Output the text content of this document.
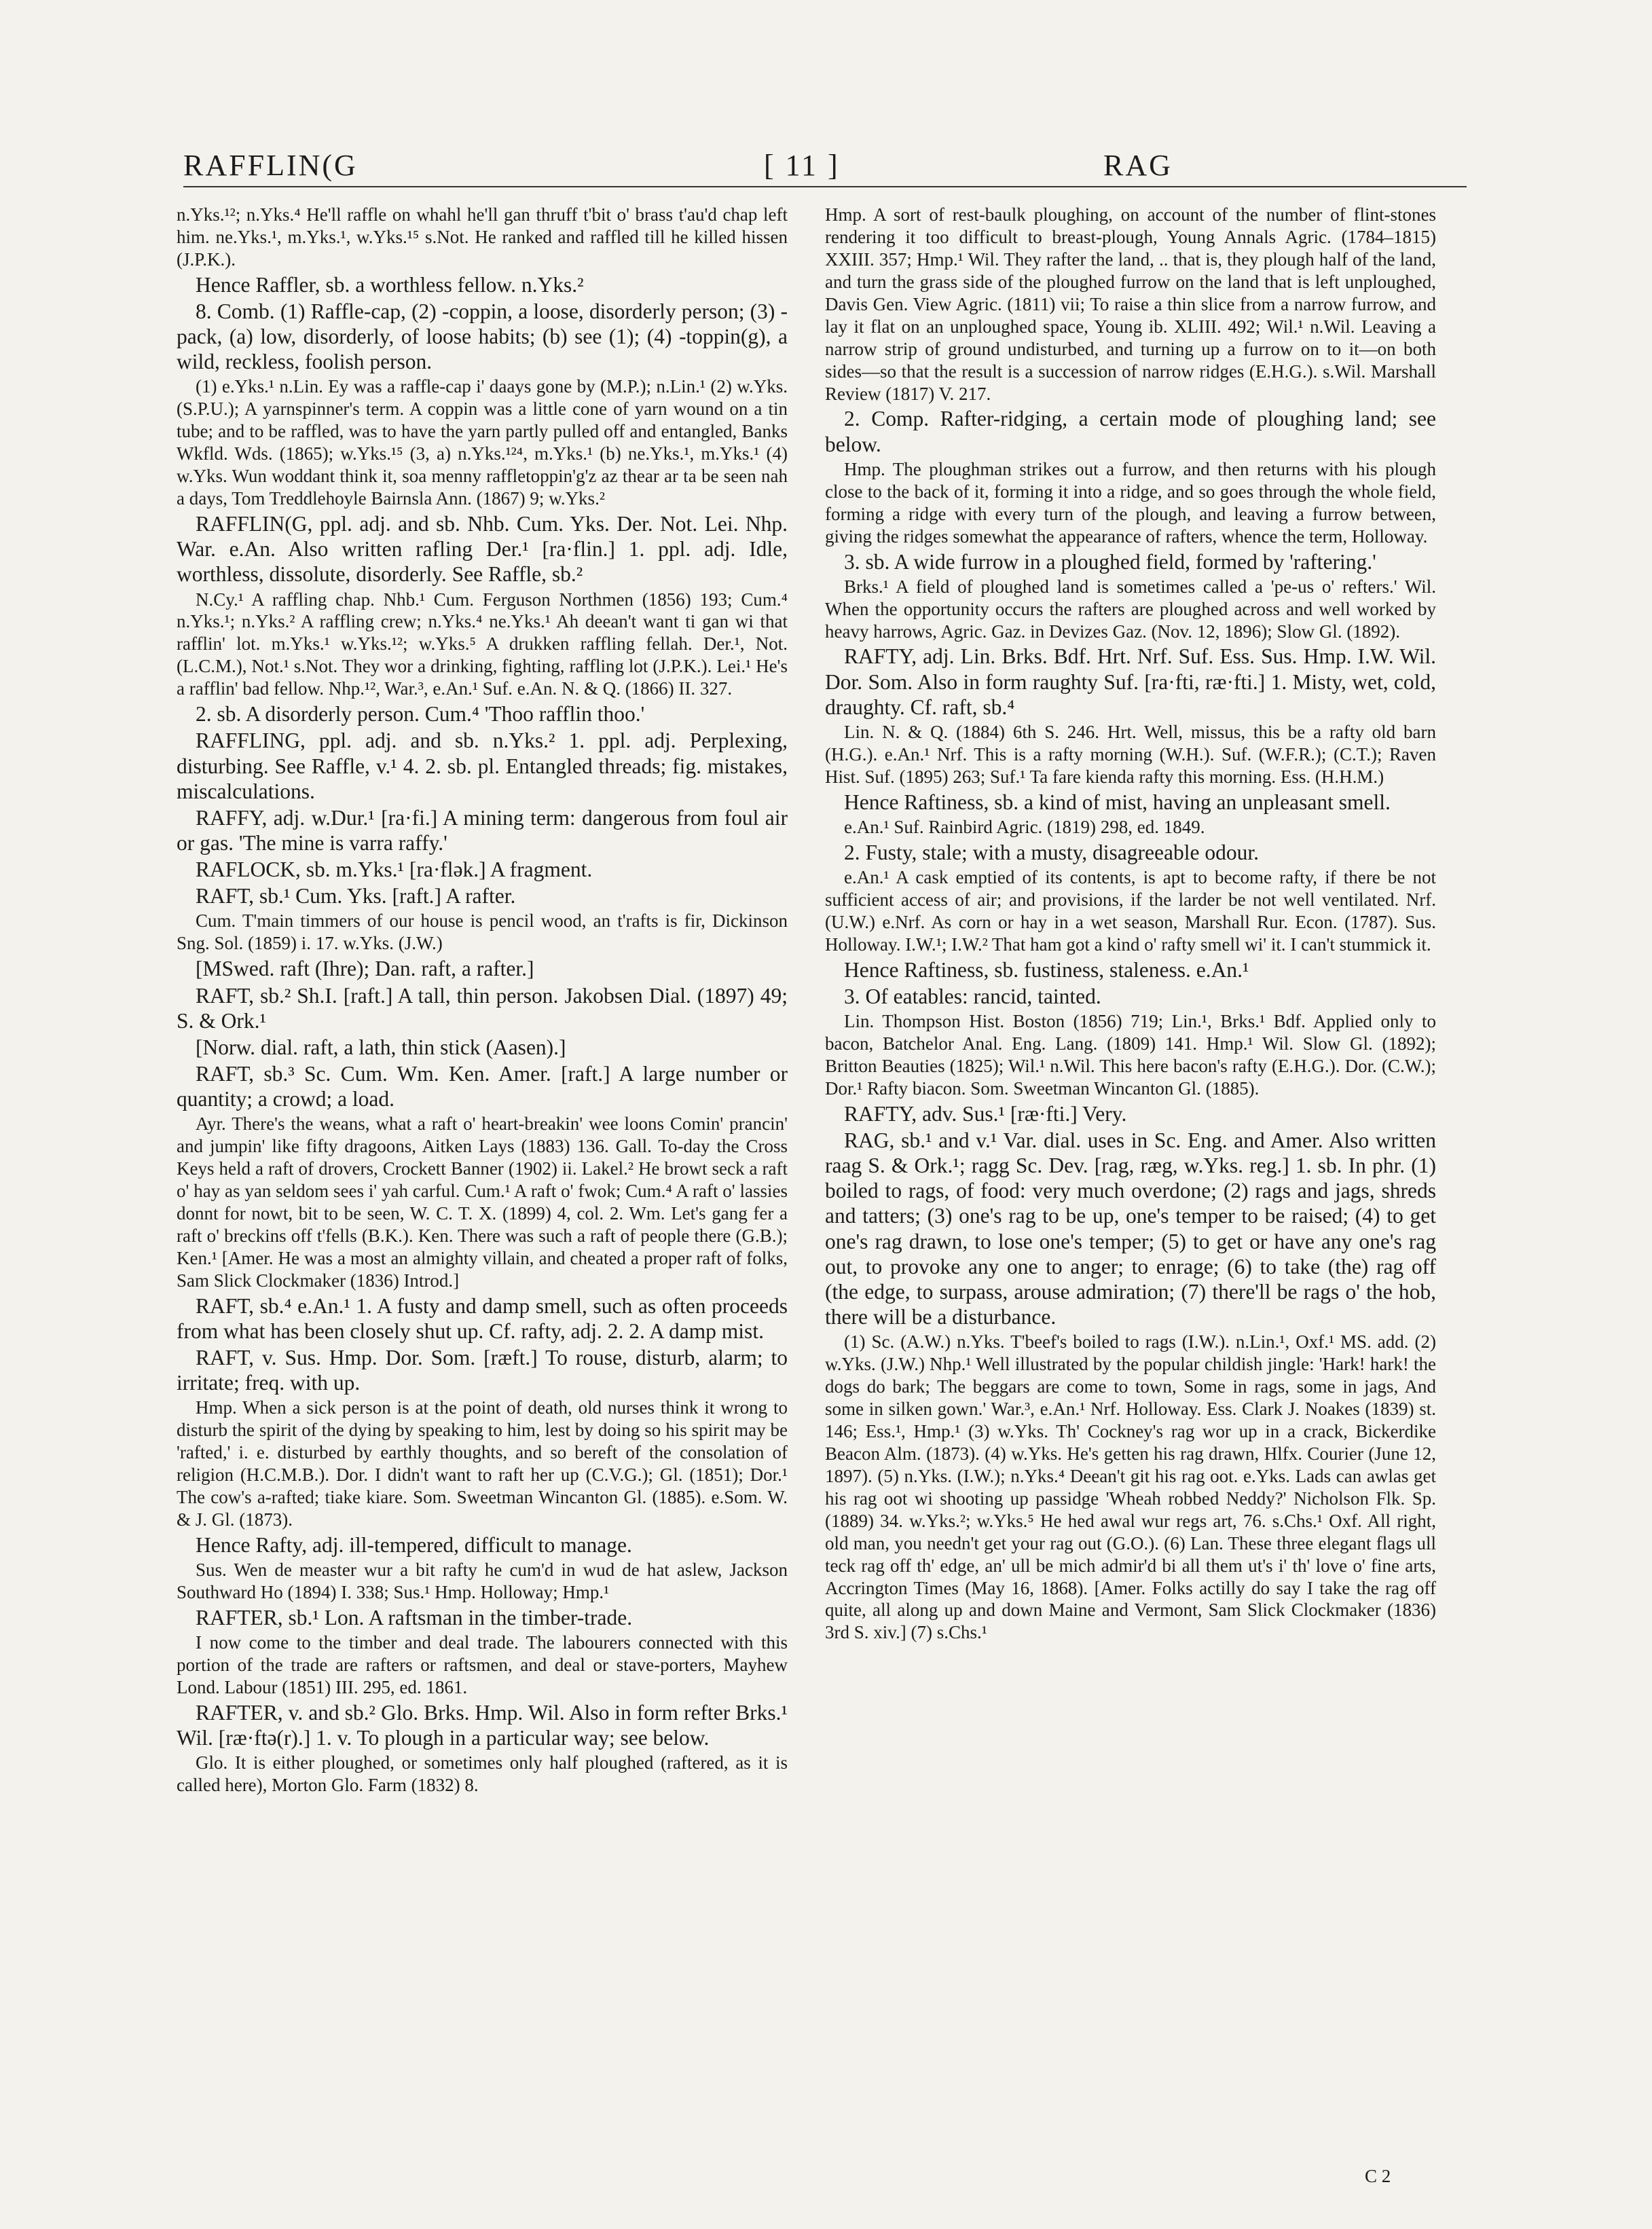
RAFFLIN(G	[ 11 ]	RAG

n.Yks.¹²; n.Yks.⁴ He'll raffle on whahl he'll gan thruff t'bit o' brass t'au'd chap left him. ne.Yks.¹, m.Yks.¹, w.Yks.¹⁵ s.Not. He ranked and raffled till he killed hissen (J.P.K.).

Hence Raffler, sb. a worthless fellow. n.Yks.²

8. Comb. (1) Raffle-cap, (2) -coppin, a loose, disorderly person; (3) -pack, (a) low, disorderly, of loose habits; (b) see (1); (4) -toppin(g), a wild, reckless, foolish person.

(1) e.Yks.¹ n.Lin. Ey was a raffle-cap i' daays gone by (M.P.); n.Lin.¹ (2) w.Yks. (S.P.U.); A yarnspinner's term. A coppin was a little cone of yarn wound on a tin tube; and to be raffled, was to have the yarn partly pulled off and entangled, Banks Wkfld. Wds. (1865); w.Yks.¹⁵ (3, a) n.Yks.¹²⁴, m.Yks.¹ (b) ne.Yks.¹, m.Yks.¹ (4) w.Yks. Wun woddant think it, soa menny raffletoppin'g'z az thear ar ta be seen nah a days, Tom Treddlehoyle Bairnsla Ann. (1867) 9; w.Yks.²

RAFFLIN(G, ppl. adj. and sb. Nhb. Cum. Yks. Der. Not. Lei. Nhp. War. e.An. Also written rafling Der.¹ [ra·flin.] 1. ppl. adj. Idle, worthless, dissolute, disorderly. See Raffle, sb.²

N.Cy.¹ A raffling chap. Nhb.¹ Cum. Ferguson Northmen (1856) 193; Cum.⁴ n.Yks.¹; n.Yks.² A raffling crew; n.Yks.⁴ ne.Yks.¹ Ah deean't want ti gan wi that rafflin' lot. m.Yks.¹ w.Yks.¹²; w.Yks.⁵ A drukken raffling fellah. Der.¹, Not. (L.C.M.), Not.¹ s.Not. They wor a drinking, fighting, raffling lot (J.P.K.). Lei.¹ He's a rafflin' bad fellow. Nhp.¹², War.³, e.An.¹ Suf. e.An. N. & Q. (1866) II. 327.

2. sb. A disorderly person. Cum.⁴ 'Thoo rafflin thoo.'

RAFFLING, ppl. adj. and sb. n.Yks.² 1. ppl. adj. Perplexing, disturbing. See Raffle, v.¹ 4. 2. sb. pl. Entangled threads; fig. mistakes, miscalculations.

RAFFY, adj. w.Dur.¹ [ra·fi.] A mining term: dangerous from foul air or gas. 'The mine is varra raffy.'

RAFLOCK, sb. m.Yks.¹ [ra·flək.] A fragment.

RAFT, sb.¹ Cum. Yks. [raft.] A rafter.

Cum. T'main timmers of our house is pencil wood, an t'rafts is fir, Dickinson Sng. Sol. (1859) i. 17. w.Yks. (J.W.)

[MSwed. raft (Ihre); Dan. raft, a rafter.]

RAFT, sb.² Sh.I. [raft.] A tall, thin person. Jakobsen Dial. (1897) 49; S. & Ork.¹

[Norw. dial. raft, a lath, thin stick (Aasen).]

RAFT, sb.³ Sc. Cum. Wm. Ken. Amer. [raft.] A large number or quantity; a crowd; a load.

Ayr. There's the weans, what a raft o' heart-breakin' wee loons Comin' prancin' and jumpin' like fifty dragoons, Aitken Lays (1883) 136. Gall. To-day the Cross Keys held a raft of drovers, Crockett Banner (1902) ii. Lakel.² He browt seck a raft o' hay as yan seldom sees i' yah carful. Cum.¹ A raft o' fwok; Cum.⁴ A raft o' lassies donnt for nowt, bit to be seen, W. C. T. X. (1899) 4, col. 2. Wm. Let's gang fer a raft o' breckins off t'fells (B.K.). Ken. There was such a raft of people there (G.B.); Ken.¹ [Amer. He was a most an almighty villain, and cheated a proper raft of folks, Sam Slick Clockmaker (1836) Introd.]

RAFT, sb.⁴ e.An.¹ 1. A fusty and damp smell, such as often proceeds from what has been closely shut up. Cf. rafty, adj. 2. 2. A damp mist.

RAFT, v. Sus. Hmp. Dor. Som. [ræft.] To rouse, disturb, alarm; to irritate; freq. with up.

Hmp. When a sick person is at the point of death, old nurses think it wrong to disturb the spirit of the dying by speaking to him, lest by doing so his spirit may be 'rafted,' i. e. disturbed by earthly thoughts, and so bereft of the consolation of religion (H.C.M.B.). Dor. I didn't want to raft her up (C.V.G.); Gl. (1851); Dor.¹ The cow's a-rafted; tiake kiare. Som. Sweetman Wincanton Gl. (1885). e.Som. W. & J. Gl. (1873).

Hence Rafty, adj. ill-tempered, difficult to manage.

Sus. Wen de measter wur a bit rafty he cum'd in wud de hat aslew, Jackson Southward Ho (1894) I. 338; Sus.¹ Hmp. Holloway; Hmp.¹

RAFTER, sb.¹ Lon. A raftsman in the timber-trade.

I now come to the timber and deal trade. The labourers connected with this portion of the trade are rafters or raftsmen, and deal or stave-porters, Mayhew Lond. Labour (1851) III. 295, ed. 1861.

RAFTER, v. and sb.² Glo. Brks. Hmp. Wil. Also in form refter Brks.¹ Wil. [ræ·ftə(r).] 1. v. To plough in a particular way; see below.

Glo. It is either ploughed, or sometimes only half ploughed (raftered, as it is called here), Morton Glo. Farm (1832) 8.

Hmp. A sort of rest-baulk ploughing, on account of the number of flint-stones rendering it too difficult to breast-plough, Young Annals Agric. (1784–1815) XXIII. 357; Hmp.¹ Wil. They rafter the land, .. that is, they plough half of the land, and turn the grass side of the ploughed furrow on the land that is left unploughed, Davis Gen. View Agric. (1811) vii; To raise a thin slice from a narrow furrow, and lay it flat on an unploughed space, Young ib. XLIII. 492; Wil.¹ n.Wil. Leaving a narrow strip of ground undisturbed, and turning up a furrow on to it—on both sides—so that the result is a succession of narrow ridges (E.H.G.). s.Wil. Marshall Review (1817) V. 217.

2. Comp. Rafter-ridging, a certain mode of ploughing land; see below.

Hmp. The ploughman strikes out a furrow, and then returns with his plough close to the back of it, forming it into a ridge, and so goes through the whole field, forming a ridge with every turn of the plough, and leaving a furrow between, giving the ridges somewhat the appearance of rafters, whence the term, Holloway.

3. sb. A wide furrow in a ploughed field, formed by 'raftering.'

Brks.¹ A field of ploughed land is sometimes called a 'pe-us o' refters.' Wil. When the opportunity occurs the rafters are ploughed across and well worked by heavy harrows, Agric. Gaz. in Devizes Gaz. (Nov. 12, 1896); Slow Gl. (1892).

RAFTY, adj. Lin. Brks. Bdf. Hrt. Nrf. Suf. Ess. Sus. Hmp. I.W. Wil. Dor. Som. Also in form raughty Suf. [ra·fti, ræ·fti.] 1. Misty, wet, cold, draughty. Cf. raft, sb.⁴

Lin. N. & Q. (1884) 6th S. 246. Hrt. Well, missus, this be a rafty old barn (H.G.). e.An.¹ Nrf. This is a rafty morning (W.H.). Suf. (W.F.R.); (C.T.); Raven Hist. Suf. (1895) 263; Suf.¹ Ta fare kienda rafty this morning. Ess. (H.H.M.)

Hence Raftiness, sb. a kind of mist, having an unpleasant smell.

e.An.¹ Suf. Rainbird Agric. (1819) 298, ed. 1849.

2. Fusty, stale; with a musty, disagreeable odour.

e.An.¹ A cask emptied of its contents, is apt to become rafty, if there be not sufficient access of air; and provisions, if the larder be not well ventilated. Nrf. (U.W.) e.Nrf. As corn or hay in a wet season, Marshall Rur. Econ. (1787). Sus. Holloway. I.W.¹; I.W.² That ham got a kind o' rafty smell wi' it. I can't stummick it.

Hence Raftiness, sb. fustiness, staleness. e.An.¹

3. Of eatables: rancid, tainted.

Lin. Thompson Hist. Boston (1856) 719; Lin.¹, Brks.¹ Bdf. Applied only to bacon, Batchelor Anal. Eng. Lang. (1809) 141. Hmp.¹ Wil. Slow Gl. (1892); Britton Beauties (1825); Wil.¹ n.Wil. This here bacon's rafty (E.H.G.). Dor. (C.W.); Dor.¹ Rafty biacon. Som. Sweetman Wincanton Gl. (1885).

RAFTY, adv. Sus.¹ [ræ·fti.] Very.

RAG, sb.¹ and v.¹ Var. dial. uses in Sc. Eng. and Amer. Also written raag S. & Ork.¹; ragg Sc. Dev. [rag, ræg, w.Yks. reg.] 1. sb. In phr. (1) boiled to rags, of food: very much overdone; (2) rags and jags, shreds and tatters; (3) one's rag to be up, one's temper to be raised; (4) to get one's rag drawn, to lose one's temper; (5) to get or have any one's rag out, to provoke any one to anger; to enrage; (6) to take (the) rag off (the edge, to surpass, arouse admiration; (7) there'll be rags o' the hob, there will be a disturbance.

(1) Sc. (A.W.) n.Yks. T'beef's boiled to rags (I.W.). n.Lin.¹, Oxf.¹ MS. add. (2) w.Yks. (J.W.) Nhp.¹ Well illustrated by the popular childish jingle: 'Hark! hark! the dogs do bark; The beggars are come to town, Some in rags, some in jags, And some in silken gown.' War.³, e.An.¹ Nrf. Holloway. Ess. Clark J. Noakes (1839) st. 146; Ess.¹, Hmp.¹ (3) w.Yks. Th' Cockney's rag wor up in a crack, Bickerdike Beacon Alm. (1873). (4) w.Yks. He's getten his rag drawn, Hlfx. Courier (June 12, 1897). (5) n.Yks. (I.W.); n.Yks.⁴ Deean't git his rag oot. e.Yks. Lads can awlas get his rag oot wi shooting up passidge 'Wheah robbed Neddy?' Nicholson Flk. Sp. (1889) 34. w.Yks.²; w.Yks.⁵ He hed awal wur regs art, 76. s.Chs.¹ Oxf. All right, old man, you needn't get your rag out (G.O.). (6) Lan. These three elegant flags ull teck rag off th' edge, an' ull be mich admir'd bi all them ut's i' th' love o' fine arts, Accrington Times (May 16, 1868). [Amer. Folks actilly do say I take the rag off quite, all along up and down Maine and Vermont, Sam Slick Clockmaker (1836) 3rd S. xiv.] (7) s.Chs.¹

C 2
